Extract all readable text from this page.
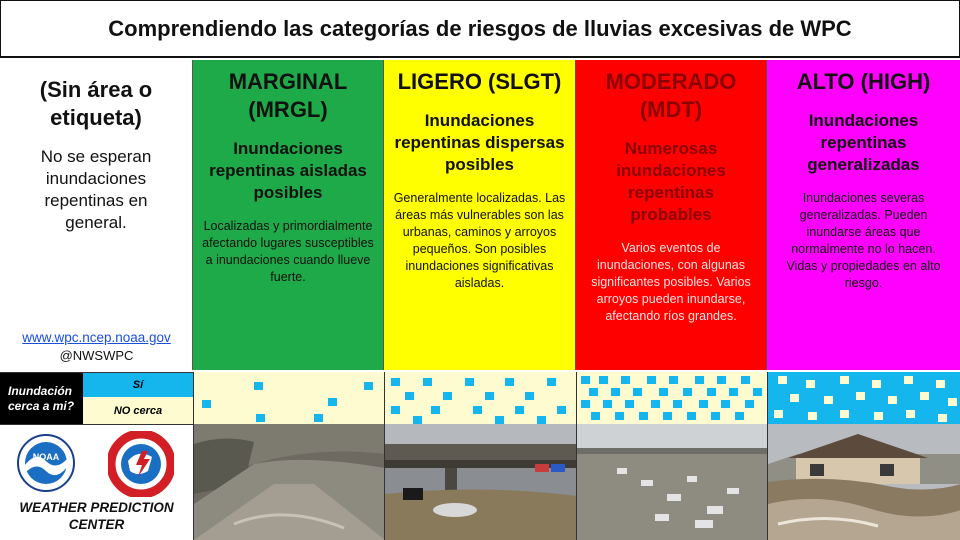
Comprendiendo las categorías de riesgos de lluvias excesivas de WPC
(Sin área o etiqueta)
No se esperan inundaciones repentinas en general.
www.wpc.ncep.noaa.gov
@NWSWPC
MARGINAL (MRGL)
Inundaciones repentinas aisladas posibles
Localizadas y primordialmente afectando lugares susceptibles a inundaciones cuando llueve fuerte.
LIGERO (SLGT)
Inundaciones repentinas dispersas posibles
Generalmente localizadas. Las áreas más vulnerables son las urbanas, caminos y arroyos pequeños. Son posibles inundaciones significativas aisladas.
MODERADO (MDT)
Numerosas inundaciones repentinas probables
Varios eventos de inundaciones, con algunas significantes posibles. Varios arroyos pueden inundarse, afectando ríos grandes.
ALTO (HIGH)
Inundaciones repentinas generalizadas
Inundaciones severas generalizadas. Pueden inundarse áreas que normalmente no lo hacen. Vidas y propiedades en alto riesgo.
Inundación cerca a mi?
Sí
NO cerca
NOAA
WEATHER PREDICTION CENTER
